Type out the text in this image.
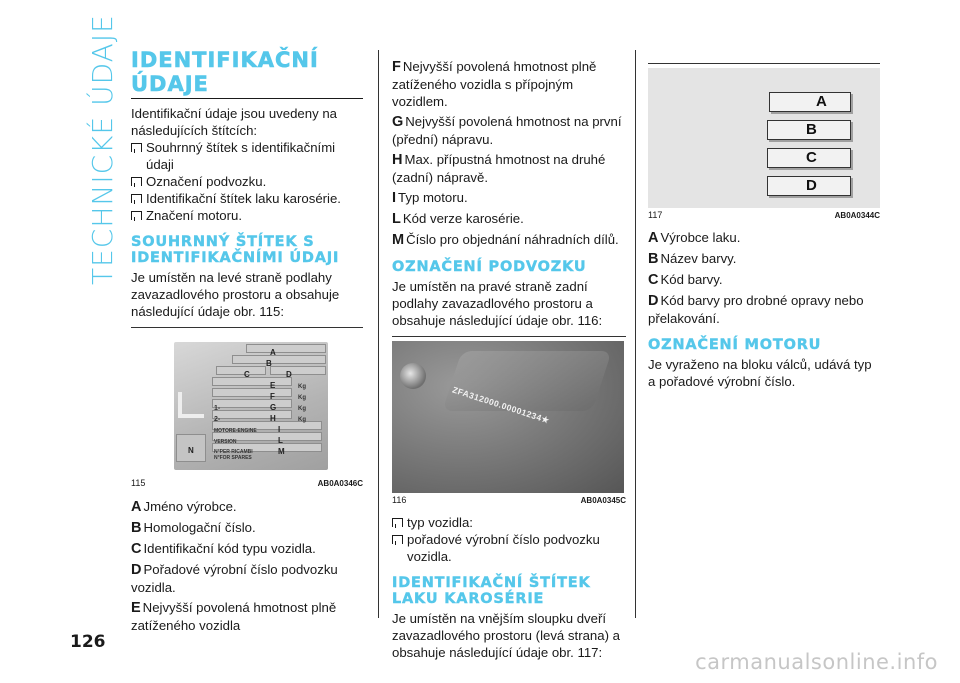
TECHNICKÉ ÚDAJE IDENTIFIKAČNÍ
ÚDAJE

Identifikační údaje jsou uvedeny na následujících štítcích:

Souhrnný štítek s identifikačními údaji
Označení podvozku.
Identifikační štítek laku karosérie.
Značení motoru.
SOUHRNNÝ ŠTÍTEK S
IDENTIFIKAČNÍMI ÚDAJI

Je umístěn na levé straně podlahy zavazadlového prostoru a obsahuje následující údaje obr. 115:

A
B
C	D
E
F
G
H
I
L
M
N
Kg
Kg
Kg
Kg
1-
2-
MOTORE-ENGINE
VERSION
N°PER RICAMBI
N°FOR SPARES
115	AB0A0346C
A Jméno výrobce.
B Homologační číslo.
C Identifikační kód typu vozidla.
D Pořadové výrobní číslo podvozku vozidla.
E Nejvyšší povolená hmotnost plně zatíženého vozidla
F Nejvyšší povolená hmotnost plně zatíženého vozidla s přípojným vozidlem.
G Nejvyšší povolená hmotnost na první (přední) nápravu.
H Max. přípustná hmotnost na druhé (zadní) nápravě.
I Typ motoru.
L Kód verze karosérie.
M Číslo pro objednání náhradních dílů.
OZNAČENÍ PODVOZKU

Je umístěn na pravé straně zadní podlahy zavazadlového prostoru a obsahuje následující údaje obr. 116:

ZFA312000.00001234★
116	AB0A0345C
typ vozidla:
pořadové výrobní číslo podvozku vozidla.
IDENTIFIKAČNÍ ŠTÍTEK
LAKU KAROSÉRIE

Je umístěn na vnějším sloupku dveří zavazadlového prostoru (levá strana) a obsahuje následující údaje obr. 117:

A
B
C
D
117	AB0A0344C
A Výrobce laku.
B Název barvy.
C Kód barvy.
D Kód barvy pro drobné opravy nebo přelakování.
OZNAČENÍ MOTORU

Je vyraženo na bloku válců, udává typ a pořadové výrobní číslo.

126
carmanualsonline.info
